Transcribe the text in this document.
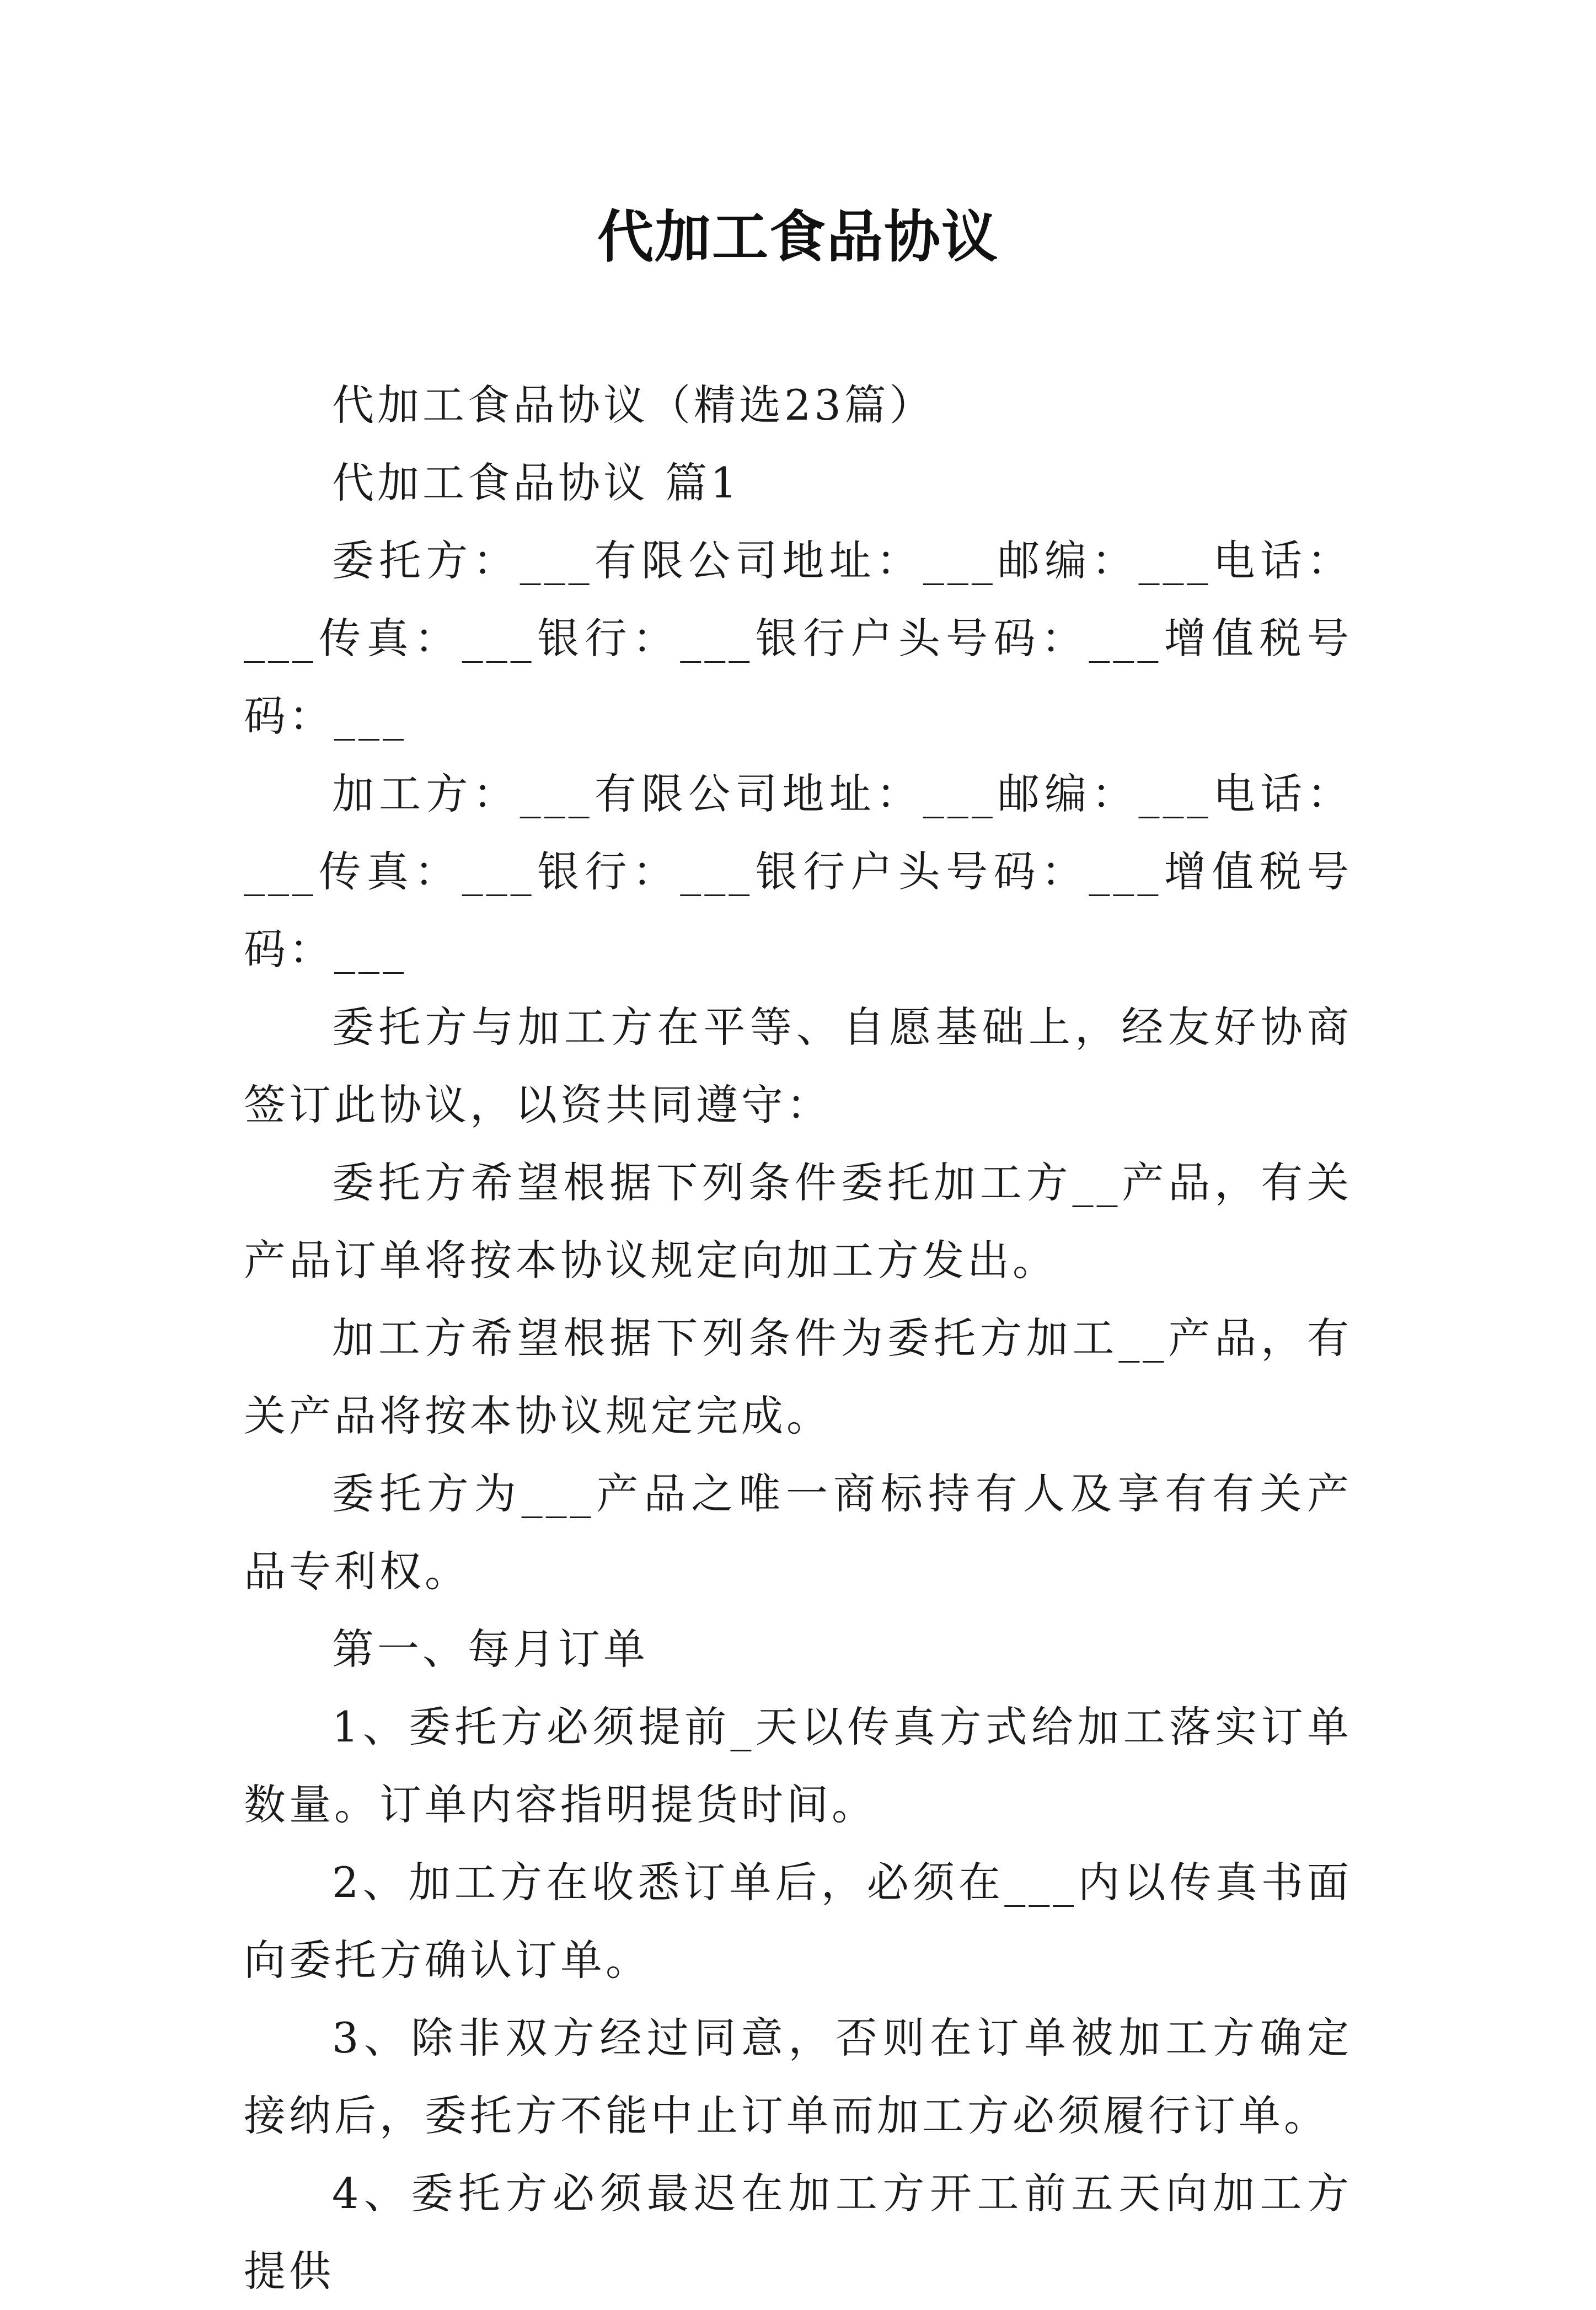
代加工食品协议

代加工食品协议（精选23篇）

代加工食品协议 篇1

委托方：___有限公司地址：___邮编：___电话：___传真：___银行：___银行户头号码：___增值税号码：___

加工方：___有限公司地址：___邮编：___电话：___传真：___银行：___银行户头号码：___增值税号码：___

委托方与加工方在平等、自愿基础上，经友好协商签订此协议，以资共同遵守：

委托方希望根据下列条件委托加工方__产品，有关产品订单将按本协议规定向加工方发出。

加工方希望根据下列条件为委托方加工__产品，有关产品将按本协议规定完成。

委托方为___产品之唯一商标持有人及享有有关产品专利权。

第一、每月订单

1、委托方必须提前_天以传真方式给加工落实订单数量。订单内容指明提货时间。

2、加工方在收悉订单后，必须在___内以传真书面向委托方确认订单。

3、除非双方经过同意，否则在订单被加工方确定接纳后，委托方不能中止订单而加工方必须履行订单。

4、委托方必须最迟在加工方开工前五天向加工方提供
